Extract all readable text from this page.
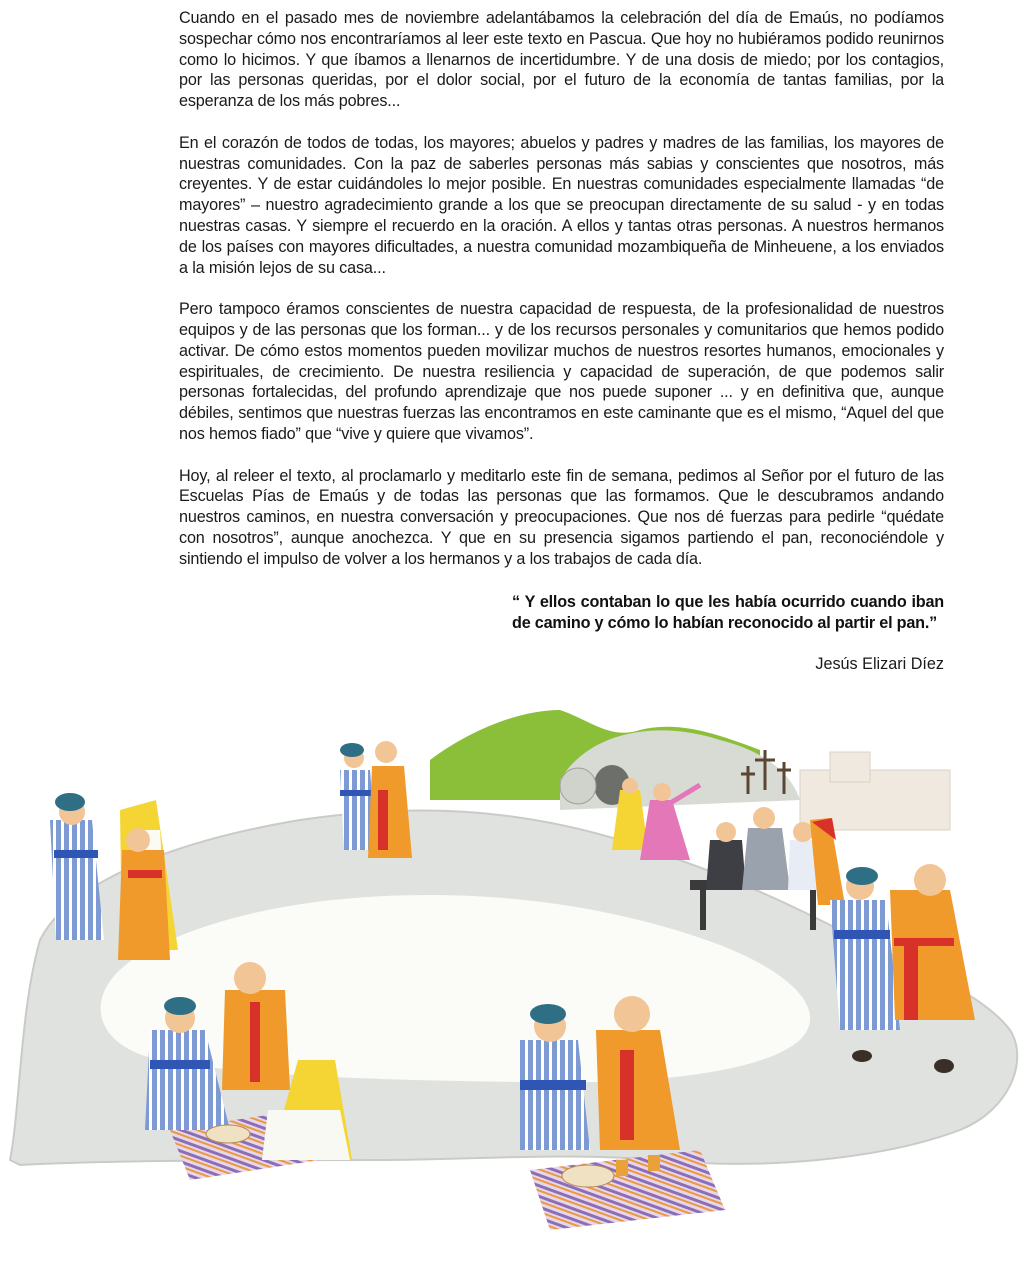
Cuando en el pasado mes de noviembre adelantábamos la celebración del día de Emaús, no podíamos sospechar cómo nos encontraríamos al leer este texto en Pascua. Que hoy no hubiéramos podido reunirnos como lo hicimos. Y que íbamos a llenarnos de incertidumbre. Y de una dosis de miedo; por los contagios, por las personas queridas, por el dolor social, por el futuro de la economía de tantas familias, por la esperanza de los más pobres...

En el corazón de todos de todas, los mayores; abuelos y padres y madres de las familias, los mayores de nuestras comunidades. Con la paz de saberles personas más sabias y conscientes que nosotros, más creyentes. Y de estar cuidándoles lo mejor posible. En nuestras comunidades especialmente llamadas “de mayores” – nuestro agradecimiento grande a los que se preocupan directamente de su salud - y en todas nuestras casas. Y siempre el recuerdo en la oración. A ellos y tantas otras personas. A nuestros hermanos de los países con mayores dificultades, a nuestra comunidad mozambiqueña de Minheuene, a los enviados a la misión lejos de su casa...

Pero tampoco éramos conscientes de nuestra capacidad de respuesta, de la profesionalidad de nuestros equipos y de las personas que los forman... y de los recursos personales y comunitarios que hemos podido activar. De cómo estos momentos pueden movilizar muchos de nuestros resortes humanos, emocionales y espirituales, de crecimiento. De nuestra resiliencia y capacidad de superación, de que podemos salir personas fortalecidas, del profundo aprendizaje que nos puede suponer ... y en definitiva que, aunque débiles, sentimos que nuestras fuerzas las encontramos en este caminante que es el mismo, “Aquel del que nos hemos fiado” que “vive y quiere que vivamos”.

Hoy, al releer el texto, al proclamarlo y meditarlo este fin de semana, pedimos al Señor por el futuro de las Escuelas Pías de Emaús y de todas las personas que las formamos. Que le descubramos andando nuestros caminos, en nuestra conversación y preocupaciones. Que nos dé fuerzas para pedirle “quédate con nosotros”, aunque anochezca. Y que en su presencia sigamos partiendo el pan, reconociéndole y sintiendo el impulso de volver a los hermanos y a los trabajos de cada día.

“ Y ellos contaban lo que les había ocurrido cuando iban de camino y cómo lo habían reconocido al partir el pan.”
Jesús Elizari Díez
